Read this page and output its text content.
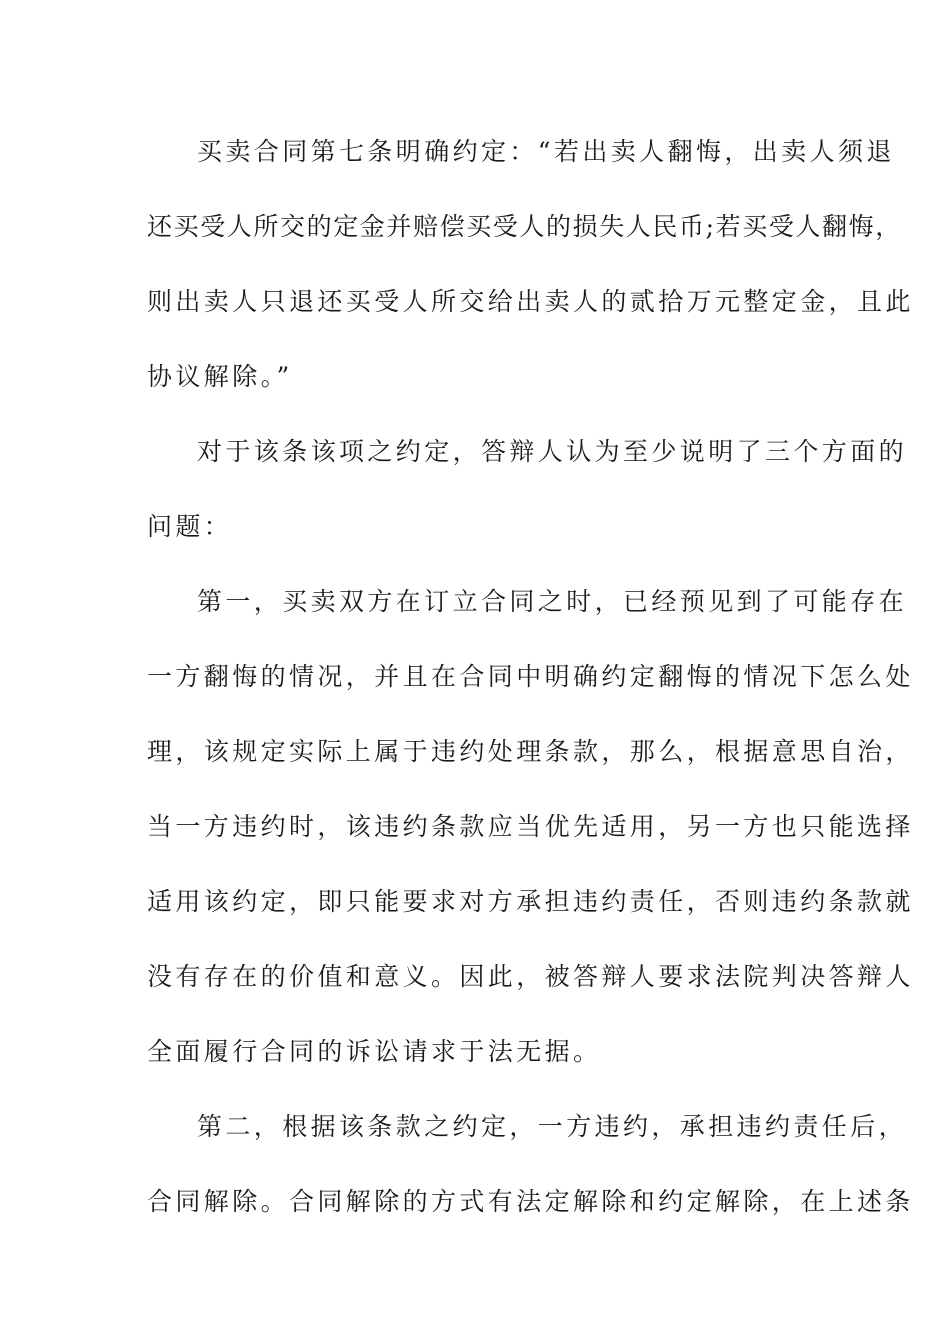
买卖合同第七条明确约定：“若出卖人翻悔，出卖人须退
还买受人所交的定金并赔偿买受人的损失人民币;若买受人翻悔，
则出卖人只退还买受人所交给出卖人的贰拾万元整定金，且此
协议解除。”
对于该条该项之约定，答辩人认为至少说明了三个方面的
问题：
第一，买卖双方在订立合同之时，已经预见到了可能存在
一方翻悔的情况，并且在合同中明确约定翻悔的情况下怎么处
理，该规定实际上属于违约处理条款，那么，根据意思自治，
当一方违约时，该违约条款应当优先适用，另一方也只能选择
适用该约定，即只能要求对方承担违约责任，否则违约条款就
没有存在的价值和意义。因此，被答辩人要求法院判决答辩人
全面履行合同的诉讼请求于法无据。
第二，根据该条款之约定，一方违约，承担违约责任后，
合同解除。合同解除的方式有法定解除和约定解除，在上述条
